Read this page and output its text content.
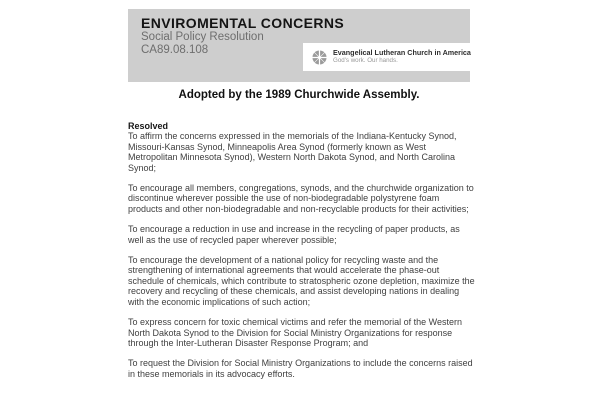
ENVIROMENTAL CONCERNS
Social Policy Resolution
CA89.08.108	Evangelical Lutheran Church in America
God's work. Our hands.
Adopted by the 1989 Churchwide Assembly.

Resolved

To affirm the concerns expressed in the memorials of the Indiana-Kentucky Synod, Missouri-Kansas Synod, Minneapolis Area Synod (formerly known as West Metropolitan Minnesota Synod), Western North Dakota Synod, and North Carolina Synod;

To encourage all members, congregations, synods, and the churchwide organization to discontinue wherever possible the use of non-biodegradable polystyrene foam products and other non-biodegradable and non-recyclable products for their activities;

To encourage a reduction in use and increase in the recycling of paper products, as well as the use of recycled paper wherever possible;

To encourage the development of a national policy for recycling waste and the strengthening of international agreements that would accelerate the phase-out schedule of chemicals, which contribute to stratospheric ozone depletion, maximize the recovery and recycling of these chemicals, and assist developing nations in dealing with the economic implications of such action;

To express concern for toxic chemical victims and refer the memorial of the Western North Dakota Synod to the Division for Social Ministry Organizations for response through the Inter-Lutheran Disaster Response Program; and

To request the Division for Social Ministry Organizations to include the concerns raised in these memorials in its advocacy efforts.
